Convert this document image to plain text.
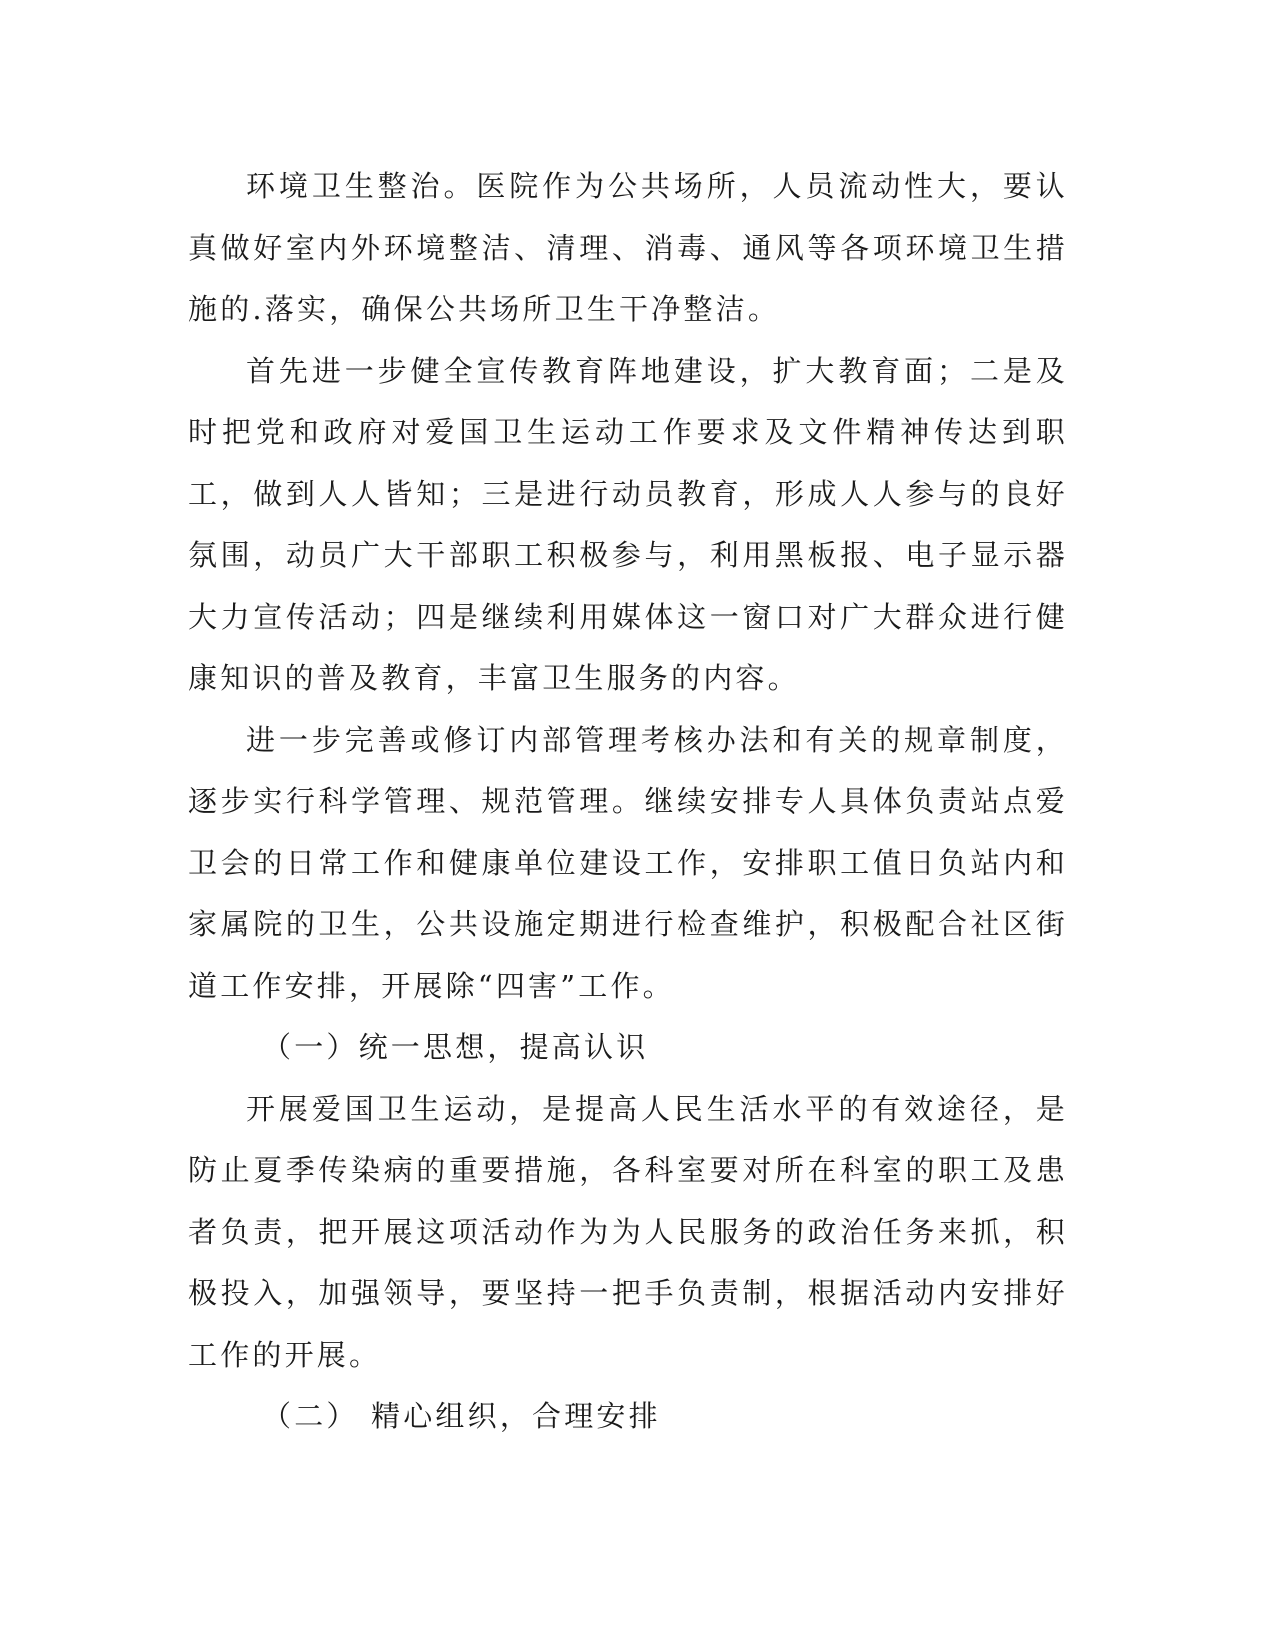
环境卫生整治。医院作为公共场所，人员流动性大，要认真做好室内外环境整洁、清理、消毒、通风等各项环境卫生措施的.落实，确保公共场所卫生干净整洁。

首先进一步健全宣传教育阵地建设，扩大教育面；二是及时把党和政府对爱国卫生运动工作要求及文件精神传达到职工，做到人人皆知；三是进行动员教育，形成人人参与的良好氛围，动员广大干部职工积极参与，利用黑板报、电子显示器大力宣传活动；四是继续利用媒体这一窗口对广大群众进行健康知识的普及教育，丰富卫生服务的内容。

进一步完善或修订内部管理考核办法和有关的规章制度，逐步实行科学管理、规范管理。继续安排专人具体负责站点爱卫会的日常工作和健康单位建设工作，安排职工值日负站内和家属院的卫生，公共设施定期进行检查维护，积极配合社区街道工作安排，开展除“四害”工作。

（一）统一思想，提高认识

开展爱国卫生运动，是提高人民生活水平的有效途径，是防止夏季传染病的重要措施，各科室要对所在科室的职工及患者负责，把开展这项活动作为为人民服务的政治任务来抓，积极投入，加强领导，要坚持一把手负责制，根据活动内安排好工作的开展。

（二） 精心组织，合理安排
